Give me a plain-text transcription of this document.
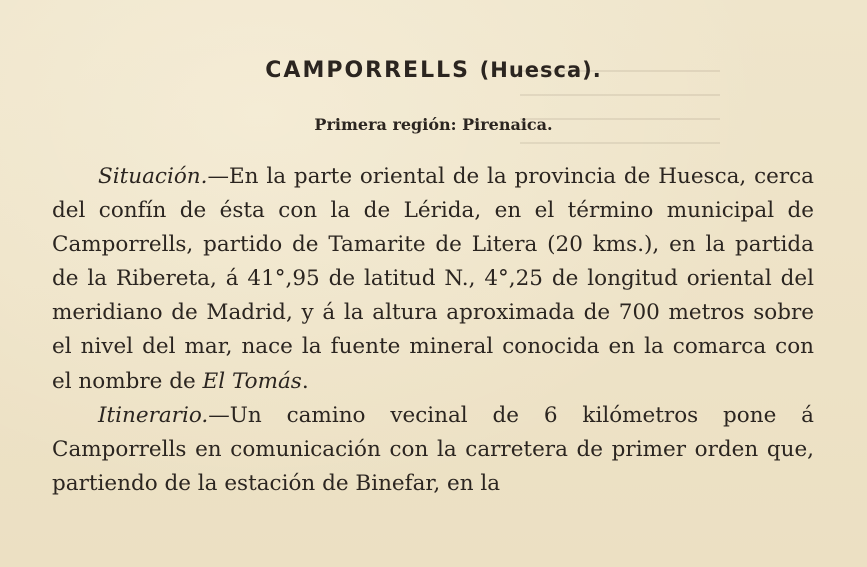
CAMPORRELLS (Huesca).
Primera región: Pirenaica.

Situación.—En la parte oriental de la provincia de Huesca, cerca del confín de ésta con la de Lérida, en el término municipal de Camporrells, partido de Tamarite de Litera (20 kms.), en la partida de la Ribereta, á 41°,95 de latitud N., 4°,25 de longitud oriental del meridiano de Madrid, y á la altura aproximada de 700 metros sobre el nivel del mar, nace la fuente mineral conocida en la comarca con el nombre de El Tomás.

Itinerario.—Un camino vecinal de 6 kilómetros pone á Camporrells en comunicación con la carretera de primer orden que, partiendo de la estación de Binefar, en la
